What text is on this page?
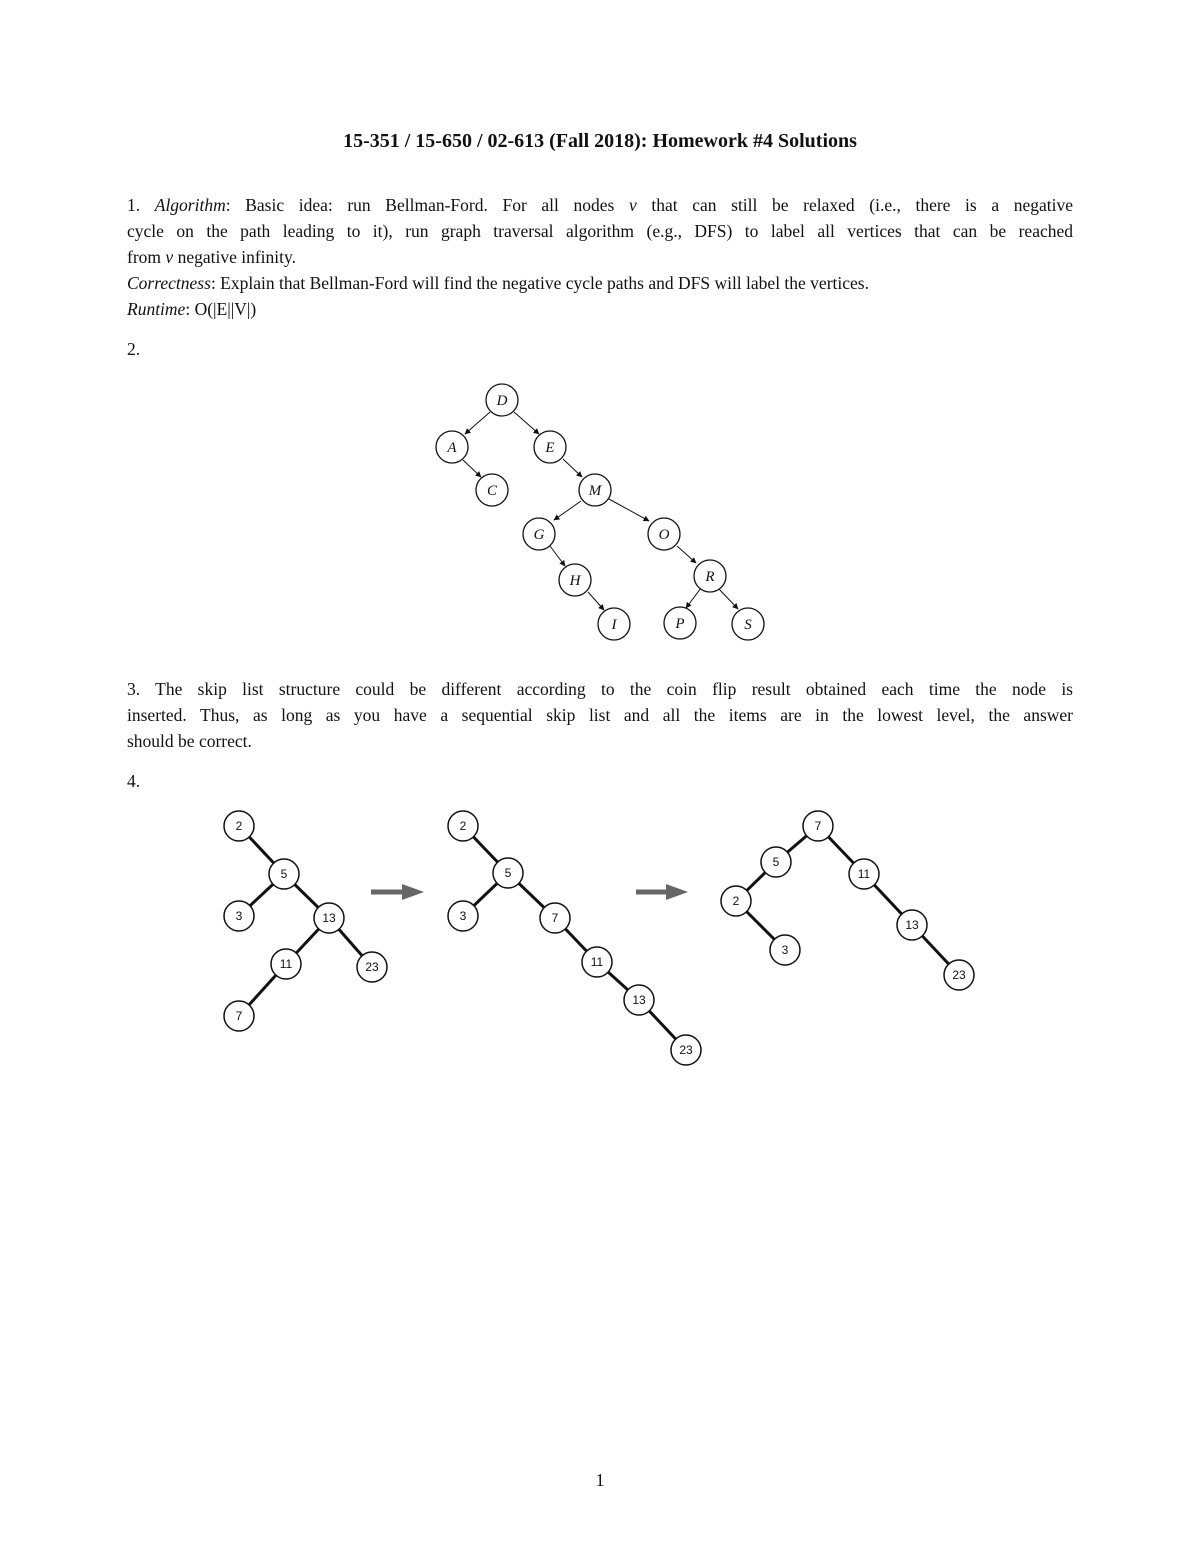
15-351 / 15-650 / 02-613 (Fall 2018): Homework #4 Solutions
1. Algorithm: Basic idea: run Bellman-Ford. For all nodes v that can still be relaxed (i.e., there is a negative
cycle on the path leading to it), run graph traversal algorithm (e.g., DFS) to label all vertices that can be reached
from v negative infinity.
Correctness: Explain that Bellman-Ford will find the negative cycle paths and DFS will label the vertices.
Runtime: O(|E||V|)
2.
3. The skip list structure could be different according to the coin flip result obtained each time the node is
inserted. Thus, as long as you have a sequential skip list and all the items are in the lowest level, the answer
should be correct.
4.
D
A	E
C	M
G	O
H	R
I	P	S
2
5
3	13
11	23
7
2
5
3	7
11
13
23
7
5
11
2
13
3
23
1
